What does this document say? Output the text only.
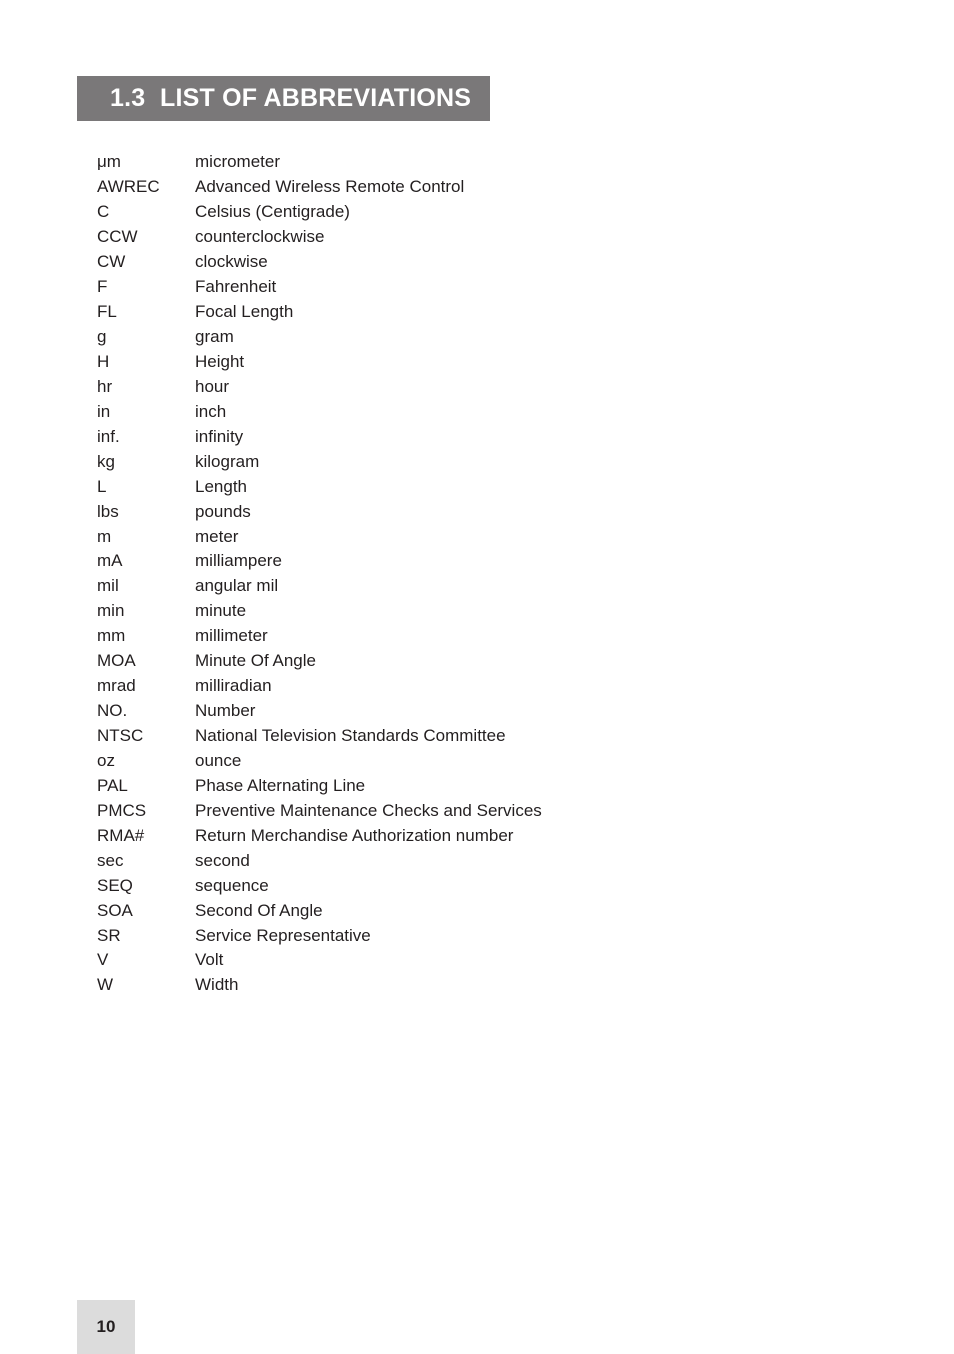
1.3 LIST OF ABBREVIATIONS
μm	micrometer
AWREC	Advanced Wireless Remote Control
C	Celsius (Centigrade)
CCW	counterclockwise
CW	clockwise
F	Fahrenheit
FL	Focal Length
g	gram
H	Height
hr	hour
in	inch
inf.	infinity
kg	kilogram
L	Length
lbs	pounds
m	meter
mA	milliampere
mil	angular mil
min	minute
mm	millimeter
MOA	Minute Of Angle
mrad	milliradian
NO.	Number
NTSC	National Television Standards Committee
oz	ounce
PAL	Phase Alternating Line
PMCS	Preventive Maintenance Checks and Services
RMA#	Return Merchandise Authorization number
sec	second
SEQ	sequence
SOA	Second Of Angle
SR	Service Representative
V	Volt
W	Width
10
